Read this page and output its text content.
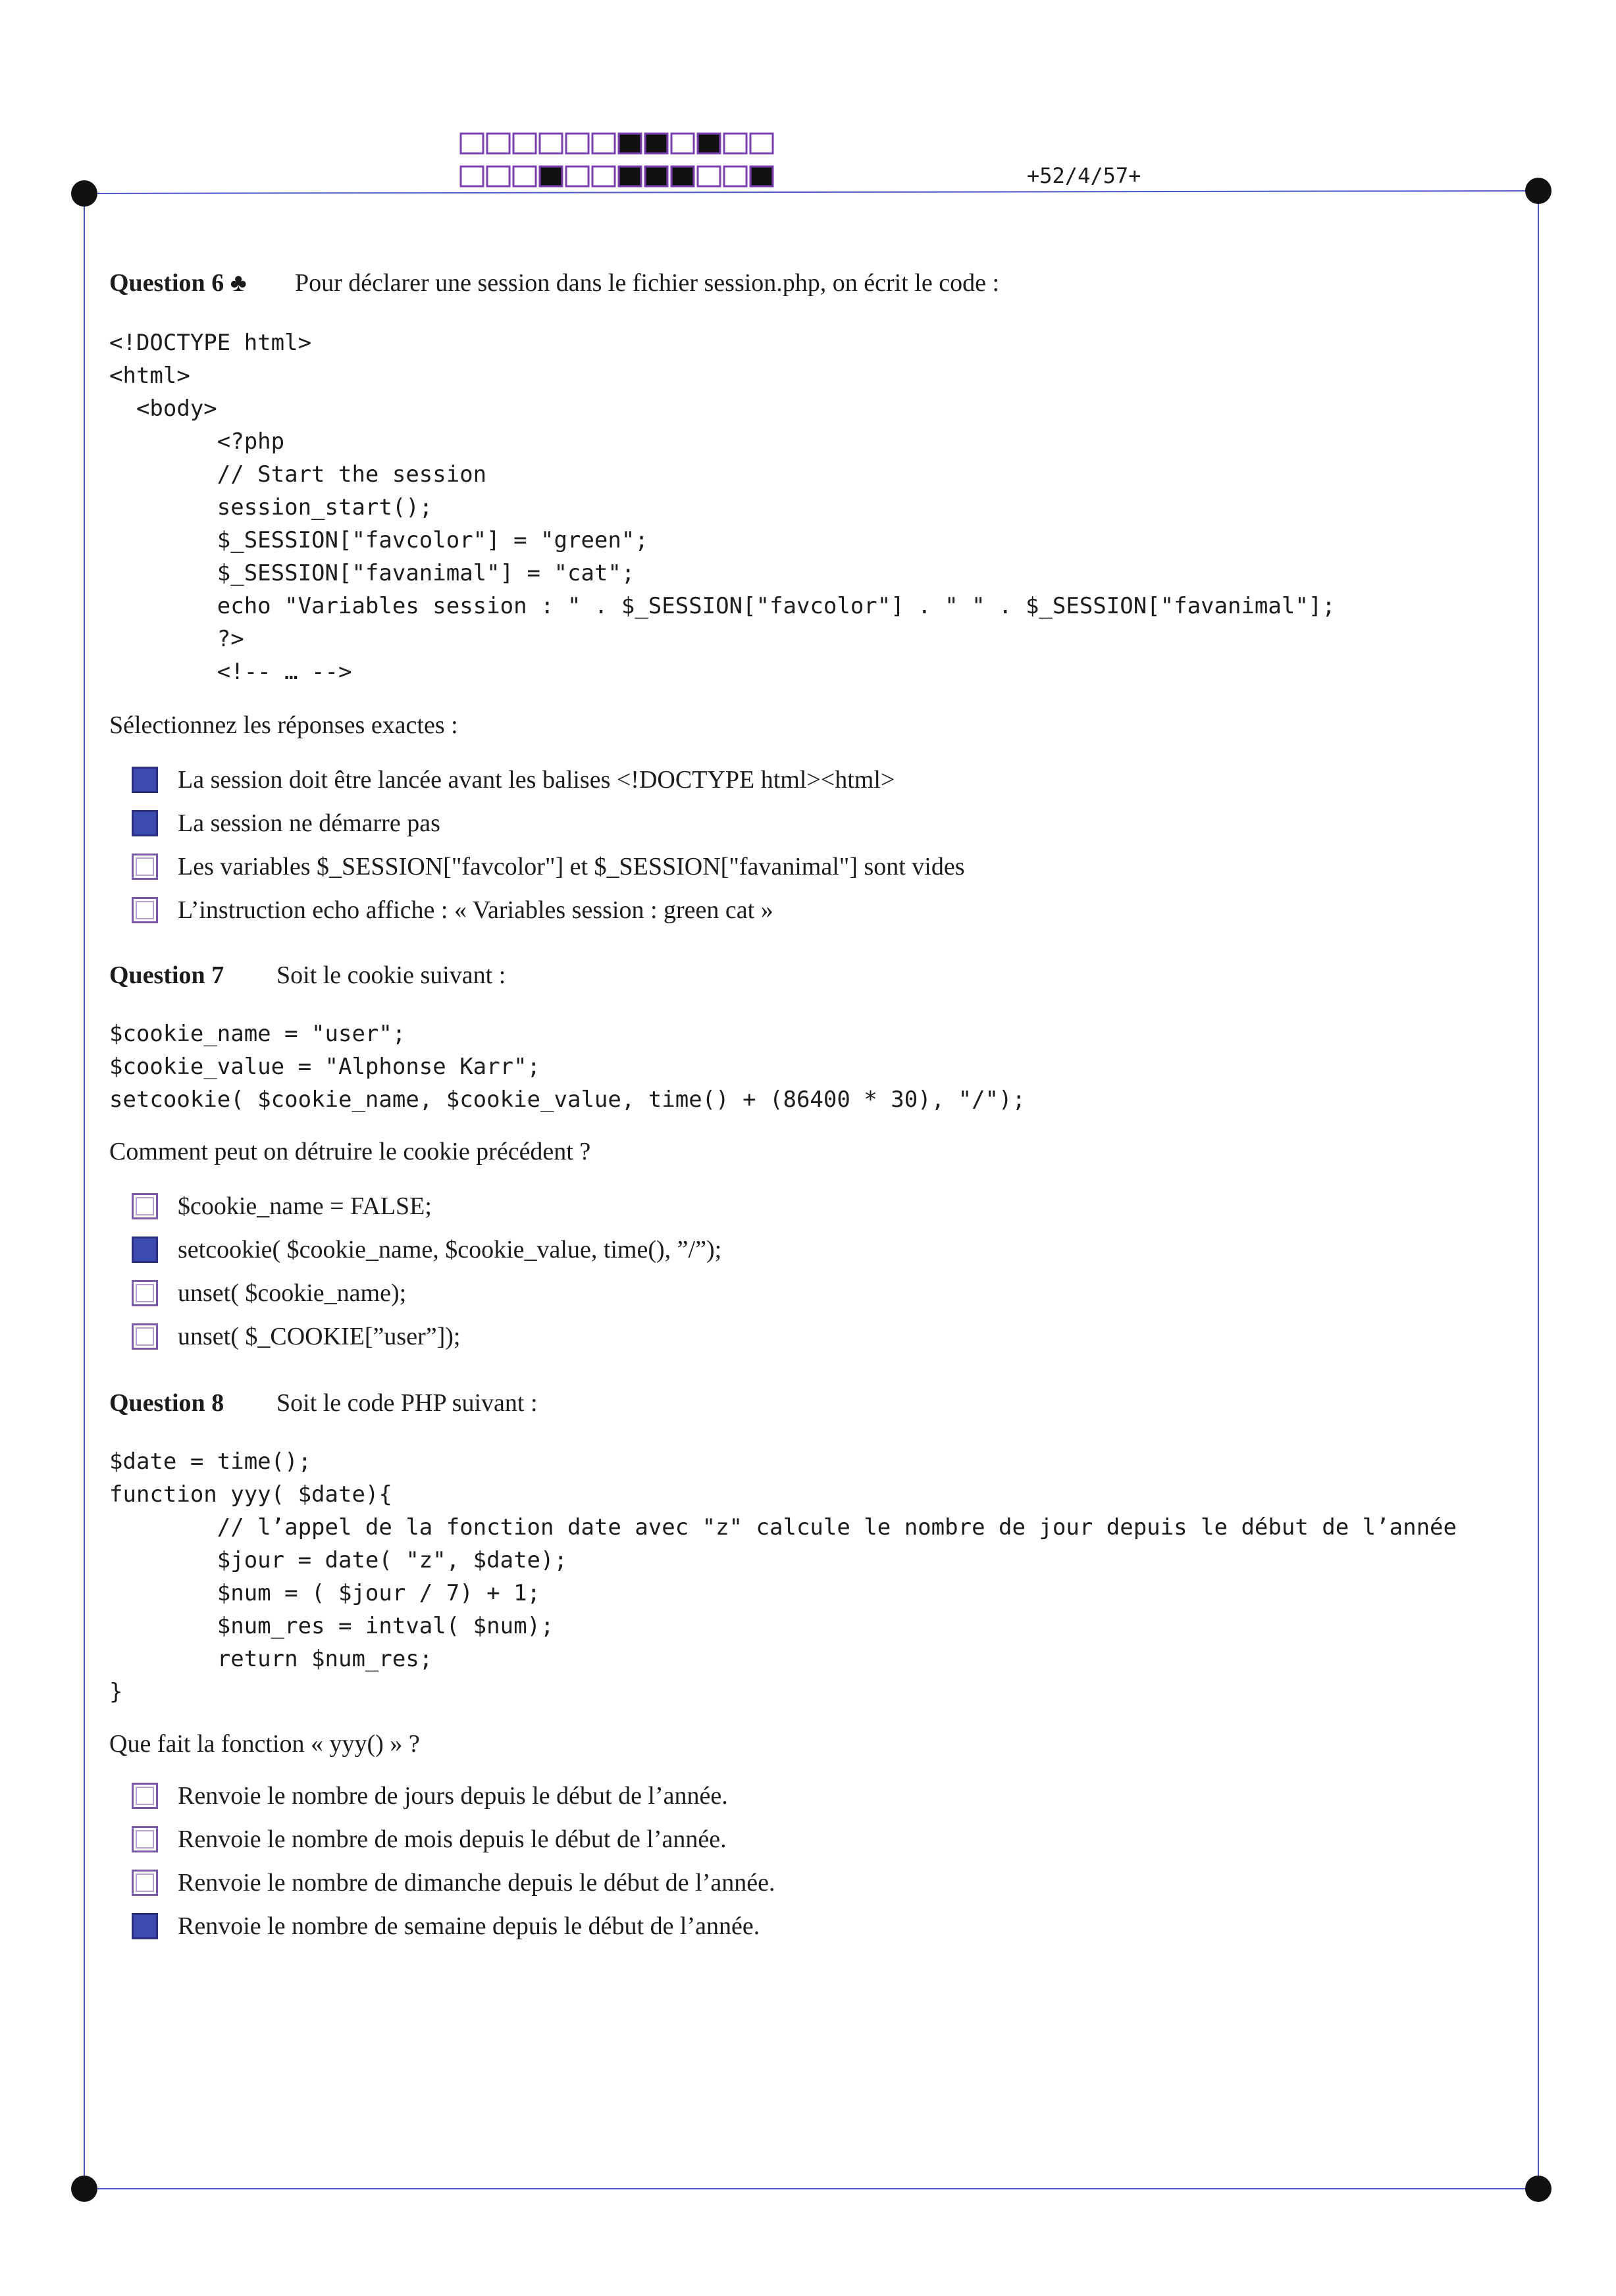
+52/4/57+
Question 6 ♣ Pour déclarer une session dans le fichier session.php, on écrit le code :
<!DOCTYPE html>
<html>
<body>
<?php
// Start the session
session_start();
$_SESSION["favcolor"] = "green";
$_SESSION["favanimal"] = "cat";
echo "Variables session : " . $_SESSION["favcolor"] . " " . $_SESSION["favanimal"];
?>
<!-- … -->
Sélectionnez les réponses exactes :
La session doit être lancée avant les balises <!DOCTYPE html><html>
La session ne démarre pas
Les variables $_SESSION["favcolor"] et $_SESSION["favanimal"] sont vides
L’instruction echo affiche : « Variables session : green cat »
Question 7 Soit le cookie suivant :
$cookie_name = "user";
$cookie_value = "Alphonse Karr";
setcookie( $cookie_name, $cookie_value, time() + (86400 * 30), "/");
Comment peut on détruire le cookie précédent ?
$cookie_name = FALSE;
setcookie( $cookie_name, $cookie_value, time(), ”/”);
unset( $cookie_name);
unset( $_COOKIE[”user”]);
Question 8 Soit le code PHP suivant :
$date = time();
function yyy( $date){
// l’appel de la fonction date avec "z" calcule le nombre de jour depuis le début de l’année
$jour = date( "z", $date);
$num = ( $jour / 7) + 1;
$num_res = intval( $num);
return $num_res;
}
Que fait la fonction « yyy() » ?
Renvoie le nombre de jours depuis le début de l’année.
Renvoie le nombre de mois depuis le début de l’année.
Renvoie le nombre de dimanche depuis le début de l’année.
Renvoie le nombre de semaine depuis le début de l’année.
